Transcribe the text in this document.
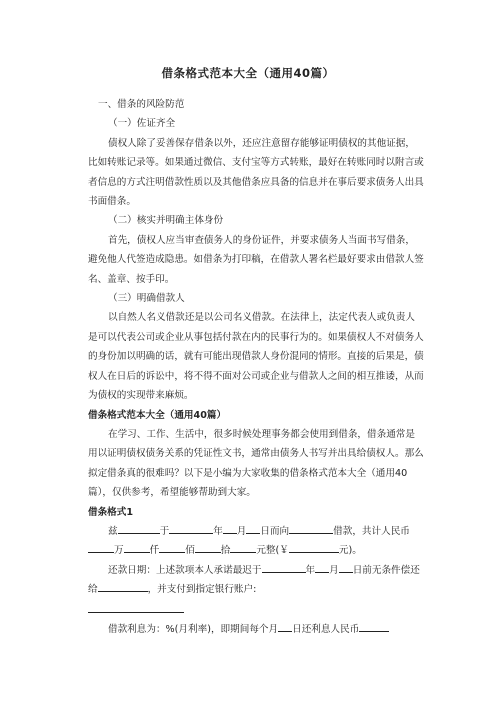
借条格式范本大全（通用40篇）

一、借条的风险防范

（一）佐证齐全

债权人除了妥善保存借条以外，还应注意留存能够证明债权的其他证据，比如转账记录等。如果通过微信、支付宝等方式转账，最好在转账同时以附言或者信息的方式注明借款性质以及其他借条应具备的信息并在事后要求债务人出具书面借条。

（二）核实并明确主体身份

首先，债权人应当审查债务人的身份证件，并要求债务人当面书写借条，避免他人代签造成隐患。如借条为打印稿，在借款人署名栏最好要求由借款人签名、盖章、按手印。

（三）明确借款人

以自然人名义借款还是以公司名义借款。在法律上，法定代表人或负责人是可以代表公司或企业从事包括付款在内的民事行为的。如果债权人不对债务人的身份加以明确的话，就有可能出现借款人身份混同的情形。直接的后果是，债权人在日后的诉讼中，将不得不面对公司或企业与借款人之间的相互推诿，从而为债权的实现带来麻烦。

借条格式范本大全（通用40篇）

在学习、工作、生活中，很多时候处理事务都会使用到借条，借条通常是用以证明债权债务关系的凭证性文书，通常由债务人书写并出具给债权人。那么拟定借条真的很难吗？以下是小编为大家收集的借条格式范本大全（通用40篇），仅供参考，希望能够帮助到大家。

借条格式1

兹	于	年 月 日而向	借款，共计人民币
万	仟	佰	拾	元整(￥	元)。

还款日期：上述款项本人承诺最迟于	年 月 日前无条件偿还给	，并支付到指定银行账户:

借款利息为：%(月利率)，即期间每个月 日还利息人民币
